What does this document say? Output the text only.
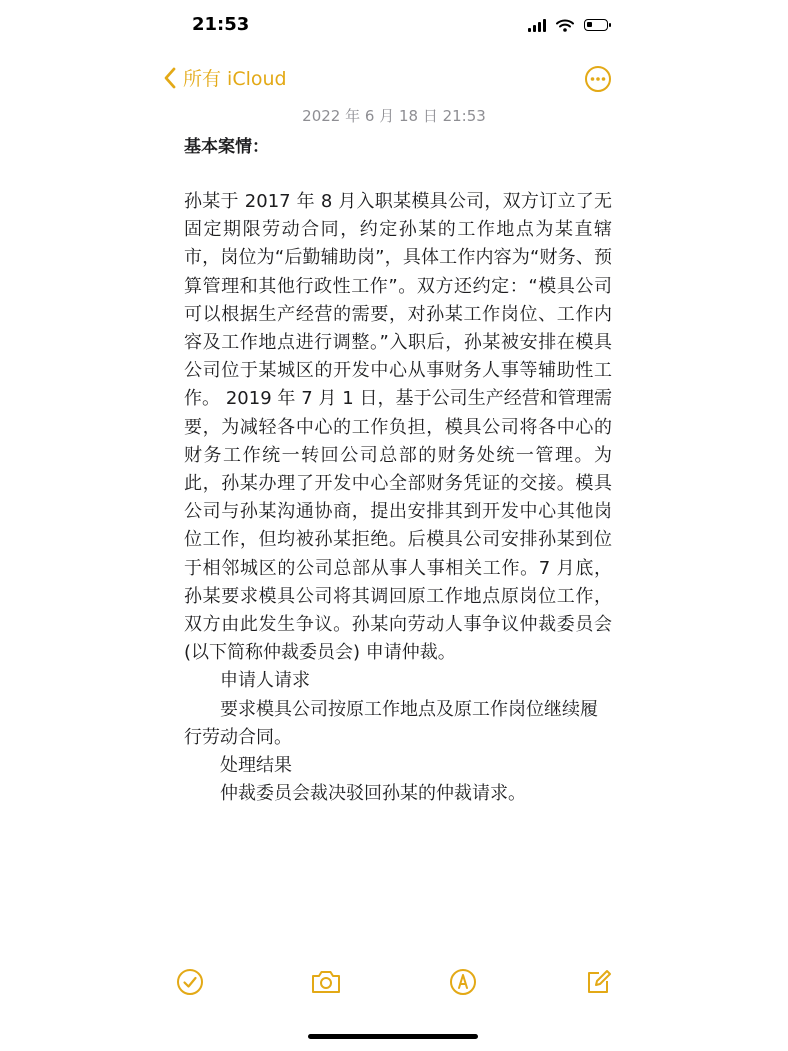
21:53
所有 iCloud
2022 年 6 月 18 日 21:53

基本案情：

孙某于 2017 年 8 月入职某模具公司，双方订立了无固定期限劳动合同，约定孙某的工作地点为某直辖市，岗位为“后勤辅助岗”，具体工作内容为“财务、预算管理和其他行政性工作”。双方还约定：“模具公司可以根据生产经营的需要，对孙某工作岗位、工作内容及工作地点进行调整。”入职后，孙某被安排在模具公司位于某城区的开发中心从事财务人事等辅助性工作。 2019 年 7 月 1 日，基于公司生产经营和管理需要，为减轻各中心的工作负担，模具公司将各中心的财务工作统一转回公司总部的财务处统一管理。为此，孙某办理了开发中心全部财务凭证的交接。模具公司与孙某沟通协商，提出安排其到开发中心其他岗位工作，但均被孙某拒绝。后模具公司安排孙某到位于相邻城区的公司总部从事人事相关工作。7 月底，孙某要求模具公司将其调回原工作地点原岗位工作，双方由此发生争议。孙某向劳动人事争议仲裁委员会 (以下简称仲裁委员会) 申请仲裁。

申请人请求

要求模具公司按原工作地点及原工作岗位继续履行劳动合同。

处理结果

仲裁委员会裁决驳回孙某的仲裁请求。
